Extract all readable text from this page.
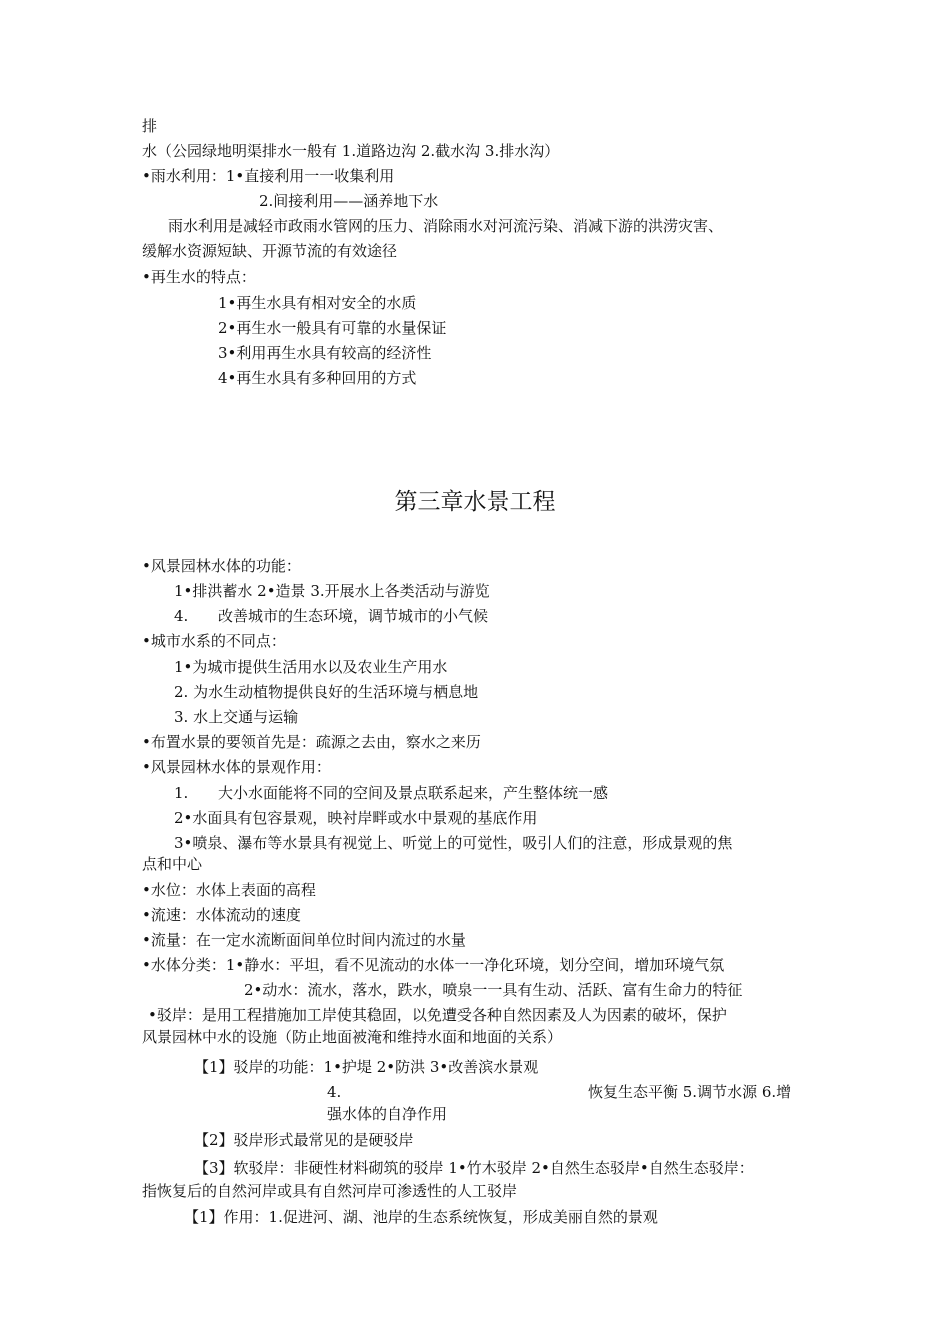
排
水（公园绿地明渠排水一般有 1.道路边沟 2.截水沟 3.排水沟）
•雨水利用：1•直接利用一一收集利用
2.间接利用——涵养地下水
雨水利用是减轻市政雨水管网的压力、消除雨水对河流污染、消减下游的洪涝灾害、
缓解水资源短缺、开源节流的有效途径
•再生水的特点：
1•再生水具有相对安全的水质
2•再生水一般具有可靠的水量保证
3•利用再生水具有较高的经济性
4•再生水具有多种回用的方式
第三章水景工程
•风景园林水体的功能：
1•排洪蓄水 2•造景 3.开展水上各类活动与游览
4. 改善城市的生态环境，调节城市的小气候
•城市水系的不同点：
1•为城市提供生活用水以及农业生产用水
2. 为水生动植物提供良好的生活环境与栖息地
3. 水上交通与运输
•布置水景的要领首先是：疏源之去由，察水之来历
•风景园林水体的景观作用：
1. 大小水面能将不同的空间及景点联系起来，产生整体统一感
2•水面具有包容景观，映衬岸畔或水中景观的基底作用
3•喷泉、瀑布等水景具有视觉上、听觉上的可觉性，吸引人们的注意，形成景观的焦
点和中心
•水位：水体上表面的高程
•流速：水体流动的速度
•流量：在一定水流断面间单位时间内流过的水量
•水体分类：1•静水：平坦，看不见流动的水体一一净化环境，划分空间，增加环境气氛
2•动水：流水，落水，跌水，喷泉一一具有生动、活跃、富有生命力的特征
•驳岸：是用工程措施加工岸使其稳固，以免遭受各种自然因素及人为因素的破坏，保护
风景园林中水的设施（防止地面被淹和维持水面和地面的关系）
【1】驳岸的功能：1•护堤 2•防洪 3•改善滨水景观
4.	恢复生态平衡 5.调节水源 6.增
强水体的自净作用
【2】驳岸形式最常见的是硬驳岸
【3】软驳岸：非硬性材料砌筑的驳岸 1•竹木驳岸 2•自然生态驳岸•自然生态驳岸：
指恢复后的自然河岸或具有自然河岸可渗透性的人工驳岸
【1】作用：1.促进河、湖、池岸的生态系统恢复，形成美丽自然的景观
